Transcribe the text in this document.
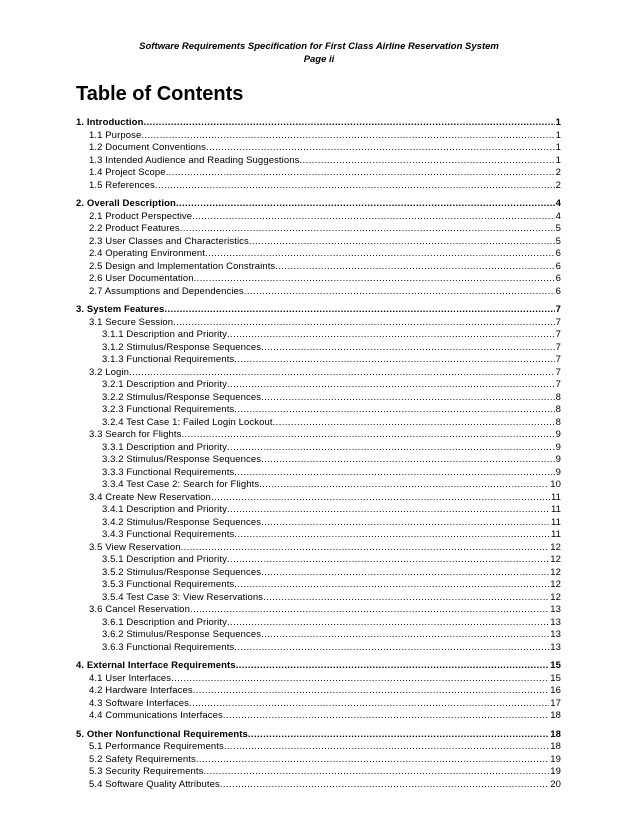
Software Requirements Specification for First Class Airline Reservation System
Page ii
Table of Contents
1. Introduction .....	1
1.1 Purpose .....	1
1.2 Document Conventions .....	1
1.3 Intended Audience and Reading Suggestions .....	1
1.4 Project Scope .....	2
1.5 References .....	2
2. Overall Description .....	4
2.1 Product Perspective .....	4
2.2 Product Features .....	5
2.3 User Classes and Characteristics .....	5
2.4 Operating Environment .....	6
2.5 Design and Implementation Constraints .....	6
2.6 User Documentation .....	6
2.7 Assumptions and Dependencies .....	6
3. System Features .....	7
3.1 Secure Session .....	7
3.1.1 Description and Priority .....	7
3.1.2 Stimulus/Response Sequences .....	7
3.1.3 Functional Requirements .....	7
3.2 Login .....	7
3.2.1 Description and Priority .....	7
3.2.2 Stimulus/Response Sequences .....	8
3.2.3 Functional Requirements .....	8
3.2.4 Test Case 1: Failed Login Lockout .....	8
3.3 Search for Flights .....	9
3.3.1 Description and Priority .....	9
3.3.2 Stimulus/Response Sequences .....	9
3.3.3 Functional Requirements .....	9
3.3.4 Test Case 2: Search for Flights .....	10
3.4 Create New Reservation .....	11
3.4.1 Description and Priority .....	11
3.4.2 Stimulus/Response Sequences .....	11
3.4.3 Functional Requirements .....	11
3.5 View Reservation .....	12
3.5.1 Description and Priority .....	12
3.5.2 Stimulus/Response Sequences .....	12
3.5.3 Functional Requirements .....	12
3.5.4 Test Case 3: View Reservations .....	12
3.6 Cancel Reservation .....	13
3.6.1 Description and Priority .....	13
3.6.2 Stimulus/Response Sequences .....	13
3.6.3 Functional Requirements .....	13
4. External Interface Requirements .....	15
4.1 User Interfaces .....	15
4.2 Hardware Interfaces .....	16
4.3 Software Interfaces .....	17
4.4 Communications Interfaces .....	18
5. Other Nonfunctional Requirements .....	18
5.1 Performance Requirements .....	18
5.2 Safety Requirements .....	19
5.3 Security Requirements .....	19
5.4 Software Quality Attributes .....	20
